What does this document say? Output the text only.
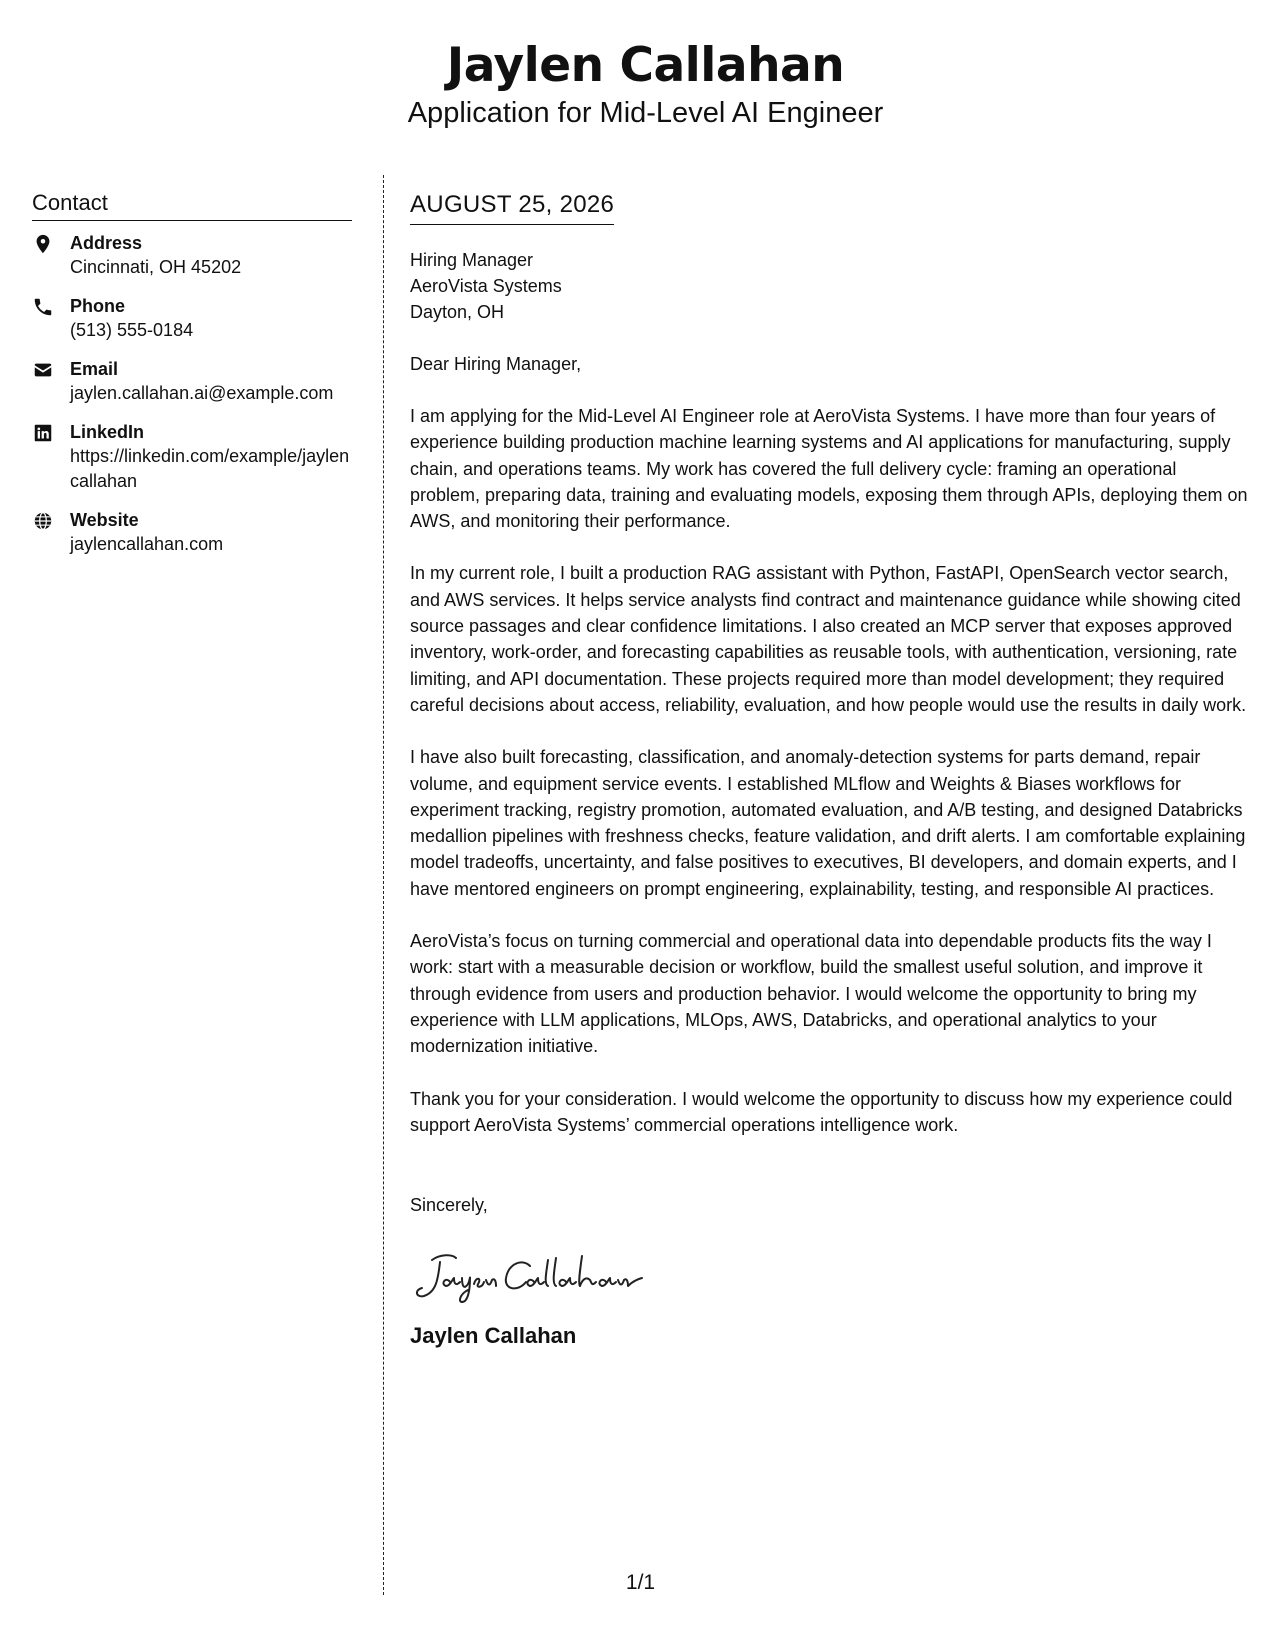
Jaylen Callahan
Application for Mid-Level AI Engineer
Contact
Address
Cincinnati, OH 45202
Phone
(513) 555-0184
Email
jaylen.callahan.ai@example.com
LinkedIn
https://linkedin.com/example/jaylencallahan
Website
jaylencallahan.com
AUGUST 25, 2026
Hiring Manager
AeroVista Systems
Dayton, OH
Dear Hiring Manager,
I am applying for the Mid-Level AI Engineer role at AeroVista Systems. I have more than four years of experience building production machine learning systems and AI applications for manufacturing, supply chain, and operations teams. My work has covered the full delivery cycle: framing an operational problem, preparing data, training and evaluating models, exposing them through APIs, deploying them on AWS, and monitoring their performance.
In my current role, I built a production RAG assistant with Python, FastAPI, OpenSearch vector search, and AWS services. It helps service analysts find contract and maintenance guidance while showing cited source passages and clear confidence limitations. I also created an MCP server that exposes approved inventory, work-order, and forecasting capabilities as reusable tools, with authentication, versioning, rate limiting, and API documentation. These projects required more than model development; they required careful decisions about access, reliability, evaluation, and how people would use the results in daily work.
I have also built forecasting, classification, and anomaly-detection systems for parts demand, repair volume, and equipment service events. I established MLflow and Weights & Biases workflows for experiment tracking, registry promotion, automated evaluation, and A/B testing, and designed Databricks medallion pipelines with freshness checks, feature validation, and drift alerts. I am comfortable explaining model tradeoffs, uncertainty, and false positives to executives, BI developers, and domain experts, and I have mentored engineers on prompt engineering, explainability, testing, and responsible AI practices.
AeroVista’s focus on turning commercial and operational data into dependable products fits the way I work: start with a measurable decision or workflow, build the smallest useful solution, and improve it through evidence from users and production behavior. I would welcome the opportunity to bring my experience with LLM applications, MLOps, AWS, Databricks, and operational analytics to your modernization initiative.
Thank you for your consideration. I would welcome the opportunity to discuss how my experience could support AeroVista Systems’ commercial operations intelligence work.
Sincerely,
Jaylen Callahan
1/1
